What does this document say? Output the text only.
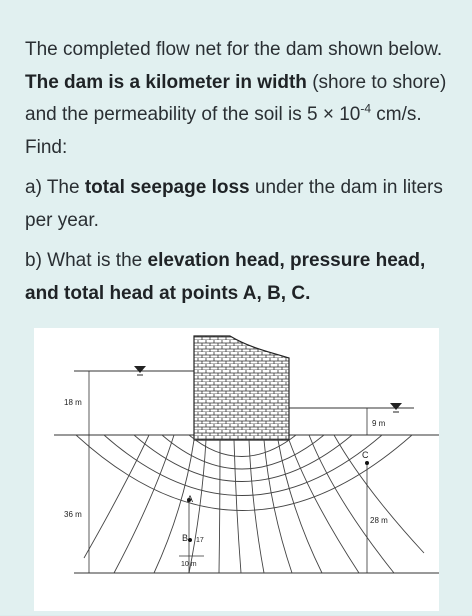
The completed flow net for the dam shown below. The dam is a kilometer in width (shore to shore) and the permeability of the soil is $5 \times 10^{-4}$ cm/s. Find:

a) The total seepage loss under the dam in liters per year.

b) What is the elevation head, pressure head, and total head at points A, B, C.

18 m
9 m
36 m
28 m
A
B
C
17
10 m
